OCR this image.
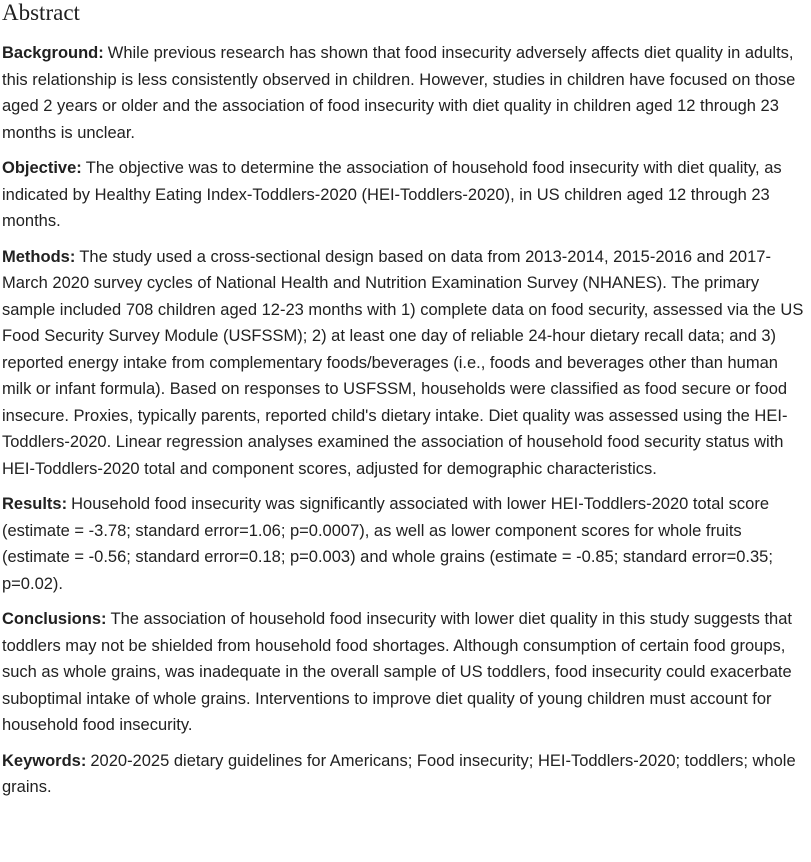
Abstract

Background: While previous research has shown that food insecurity adversely affects diet quality in adults, this relationship is less consistently observed in children. However, studies in children have focused on those aged 2 years or older and the association of food insecurity with diet quality in children aged 12 through 23 months is unclear.

Objective: The objective was to determine the association of household food insecurity with diet quality, as indicated by Healthy Eating Index-Toddlers-2020 (HEI-Toddlers-2020), in US children aged 12 through 23 months.

Methods: The study used a cross-sectional design based on data from 2013-2014, 2015-2016 and 2017-March 2020 survey cycles of National Health and Nutrition Examination Survey (NHANES). The primary sample included 708 children aged 12-23 months with 1) complete data on food security, assessed via the US Food Security Survey Module (USFSSM); 2) at least one day of reliable 24-hour dietary recall data; and 3) reported energy intake from complementary foods/beverages (i.e., foods and beverages other than human milk or infant formula). Based on responses to USFSSM, households were classified as food secure or food insecure. Proxies, typically parents, reported child's dietary intake. Diet quality was assessed using the HEI-Toddlers-2020. Linear regression analyses examined the association of household food security status with HEI-Toddlers-2020 total and component scores, adjusted for demographic characteristics.

Results: Household food insecurity was significantly associated with lower HEI-Toddlers-2020 total score (estimate = -3.78; standard error=1.06; p=0.0007), as well as lower component scores for whole fruits (estimate = -0.56; standard error=0.18; p=0.003) and whole grains (estimate = -0.85; standard error=0.35; p=0.02).

Conclusions: The association of household food insecurity with lower diet quality in this study suggests that toddlers may not be shielded from household food shortages. Although consumption of certain food groups, such as whole grains, was inadequate in the overall sample of US toddlers, food insecurity could exacerbate suboptimal intake of whole grains. Interventions to improve diet quality of young children must account for household food insecurity.

Keywords: 2020-2025 dietary guidelines for Americans; Food insecurity; HEI-Toddlers-2020; toddlers; whole grains.
